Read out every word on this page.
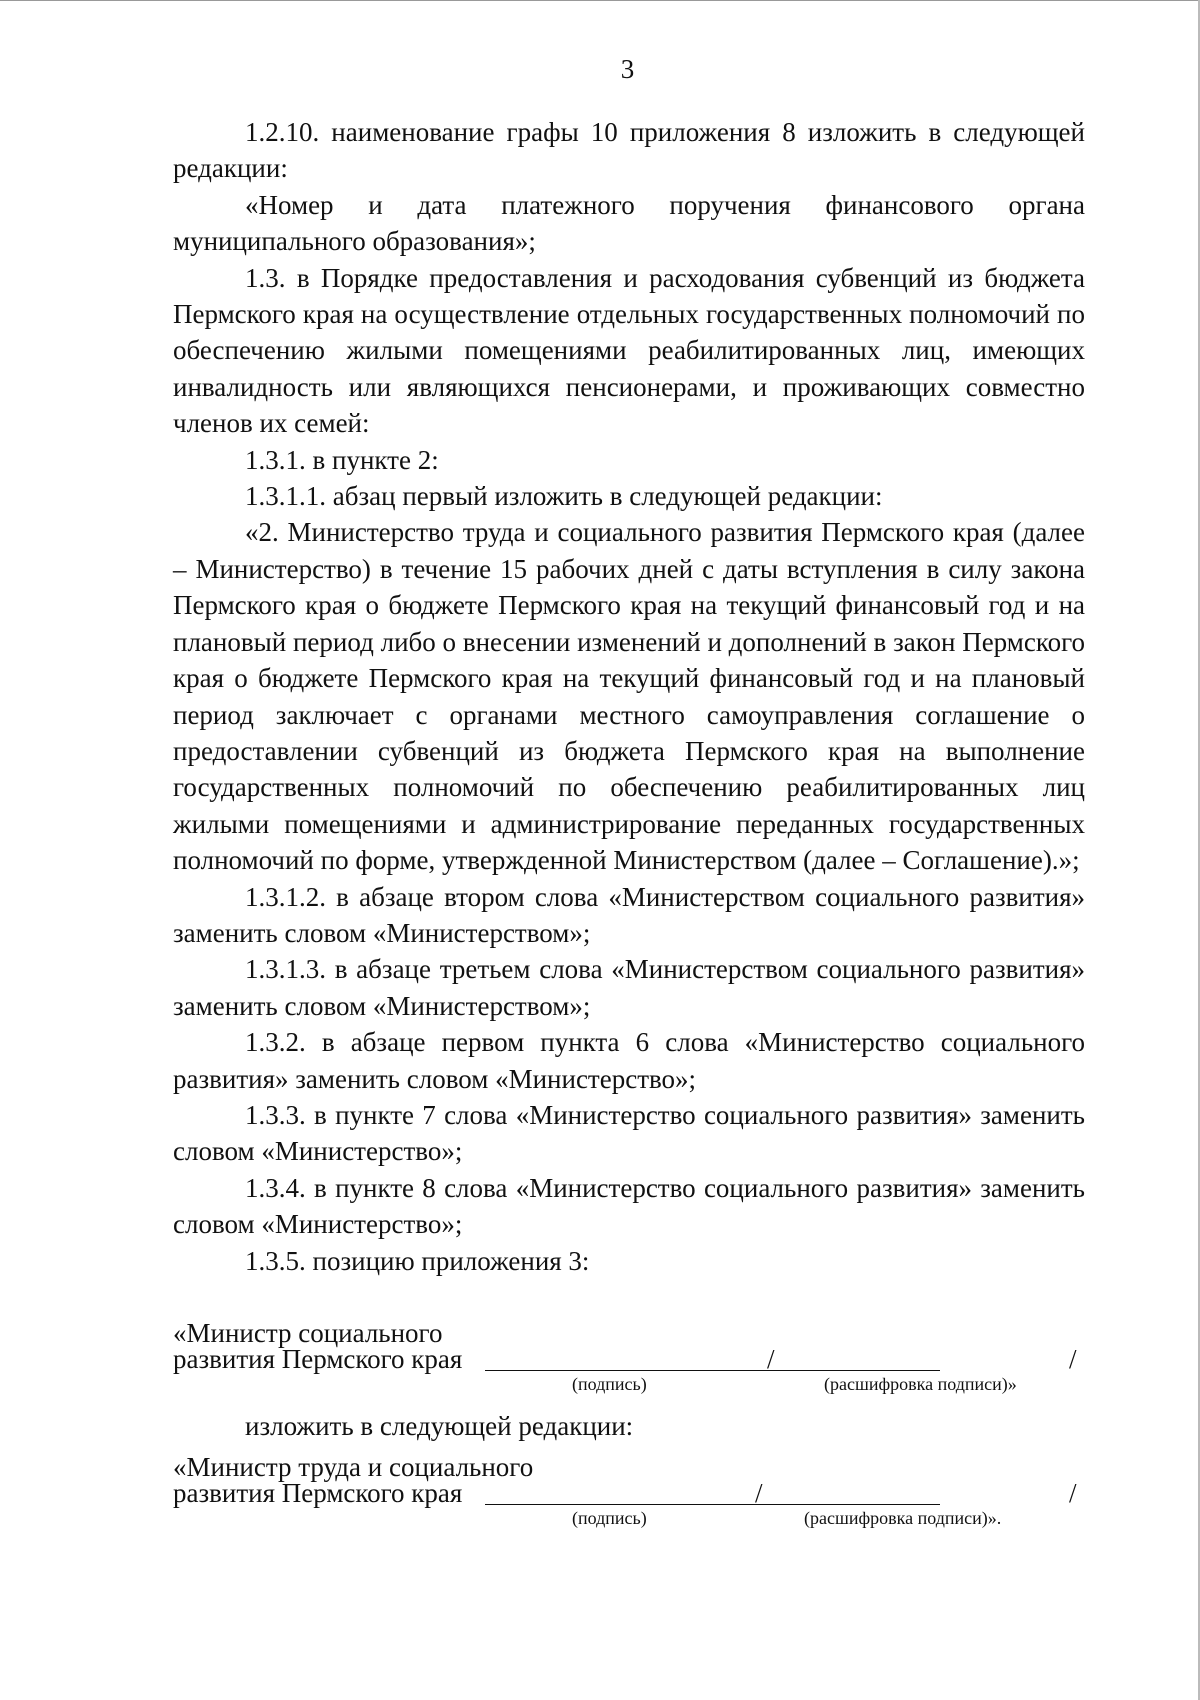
3

1.2.10. наименование графы 10 приложения 8 изложить в следующей редакции:

«Номер и дата платежного поручения финансового органа муниципального образования»;

1.3. в Порядке предоставления и расходования субвенций из бюджета Пермского края на осуществление отдельных государственных полномочий по обеспечению жилыми помещениями реабилитированных лиц, имеющих инвалидность или являющихся пенсионерами, и проживающих совместно членов их семей:

1.3.1. в пункте 2:

1.3.1.1. абзац первый изложить в следующей редакции:

«2. Министерство труда и социального развития Пермского края (далее – Министерство) в течение 15 рабочих дней с даты вступления в силу закона Пермского края о бюджете Пермского края на текущий финансовый год и на плановый период либо о внесении изменений и дополнений в закон Пермского края о бюджете Пермского края на текущий финансовый год и на плановый период заключает с органами местного самоуправления соглашение о предоставлении субвенций из бюджета Пермского края на выполнение государственных полномочий по обеспечению реабилитированных лиц жилыми помещениями и администрирование переданных государственных полномочий по форме, утвержденной Министерством (далее – Соглашение).»;

1.3.1.2. в абзаце втором слова «Министерством социального развития» заменить словом «Министерством»;

1.3.1.3. в абзаце третьем слова «Министерством социального развития» заменить словом «Министерством»;

1.3.2. в абзаце первом пункта 6 слова «Министерство социального развития» заменить словом «Министерство»;

1.3.3. в пункте 7 слова «Министерство социального развития» заменить словом «Министерство»;

1.3.4. в пункте 8 слова «Министерство социального развития» заменить словом «Министерство»;

1.3.5. позицию приложения 3:

«Министр социального
развития Пермского края	/	/
(подпись)	(расшифровка подписи)»
изложить в следующей редакции:
«Министр труда и социального
развития Пермского края	/	/
(подпись)	(расшифровка подписи)».
